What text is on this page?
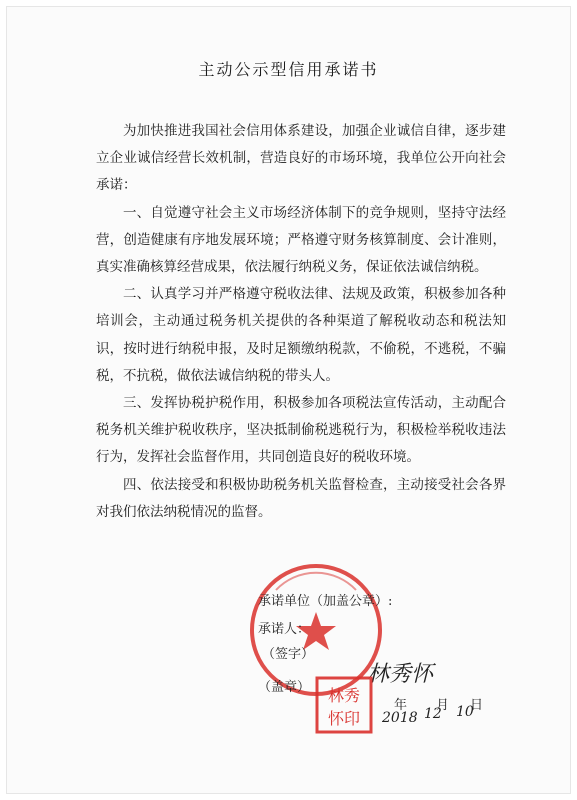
主动公示型信用承诺书

为加快推进我国社会信用体系建设，加强企业诚信自律，逐步建立企业诚信经营长效机制，营造良好的市场环境，我单位公开向社会承诺：

一、自觉遵守社会主义市场经济体制下的竞争规则，坚持守法经营，创造健康有序地发展环境；严格遵守财务核算制度、会计准则，真实准确核算经营成果，依法履行纳税义务，保证依法诚信纳税。

二、认真学习并严格遵守税收法律、法规及政策，积极参加各种培训会，主动通过税务机关提供的各种渠道了解税收动态和税法知识，按时进行纳税申报，及时足额缴纳税款，不偷税，不逃税，不骗税，不抗税，做依法诚信纳税的带头人。

三、发挥协税护税作用，积极参加各项税法宣传活动，主动配合税务机关维护税收秩序，坚决抵制偷税逃税行为，积极检举税收违法行为，发挥社会监督作用，共同创造良好的税收环境。

四、依法接受和积极协助税务机关监督检查，主动接受社会各界对我们依法纳税情况的监督。

承诺单位（加盖公章）:
承诺人：
（签字）
林秀怀
（盖章） 林秀
怀印 2018
年
12
月 10
日
